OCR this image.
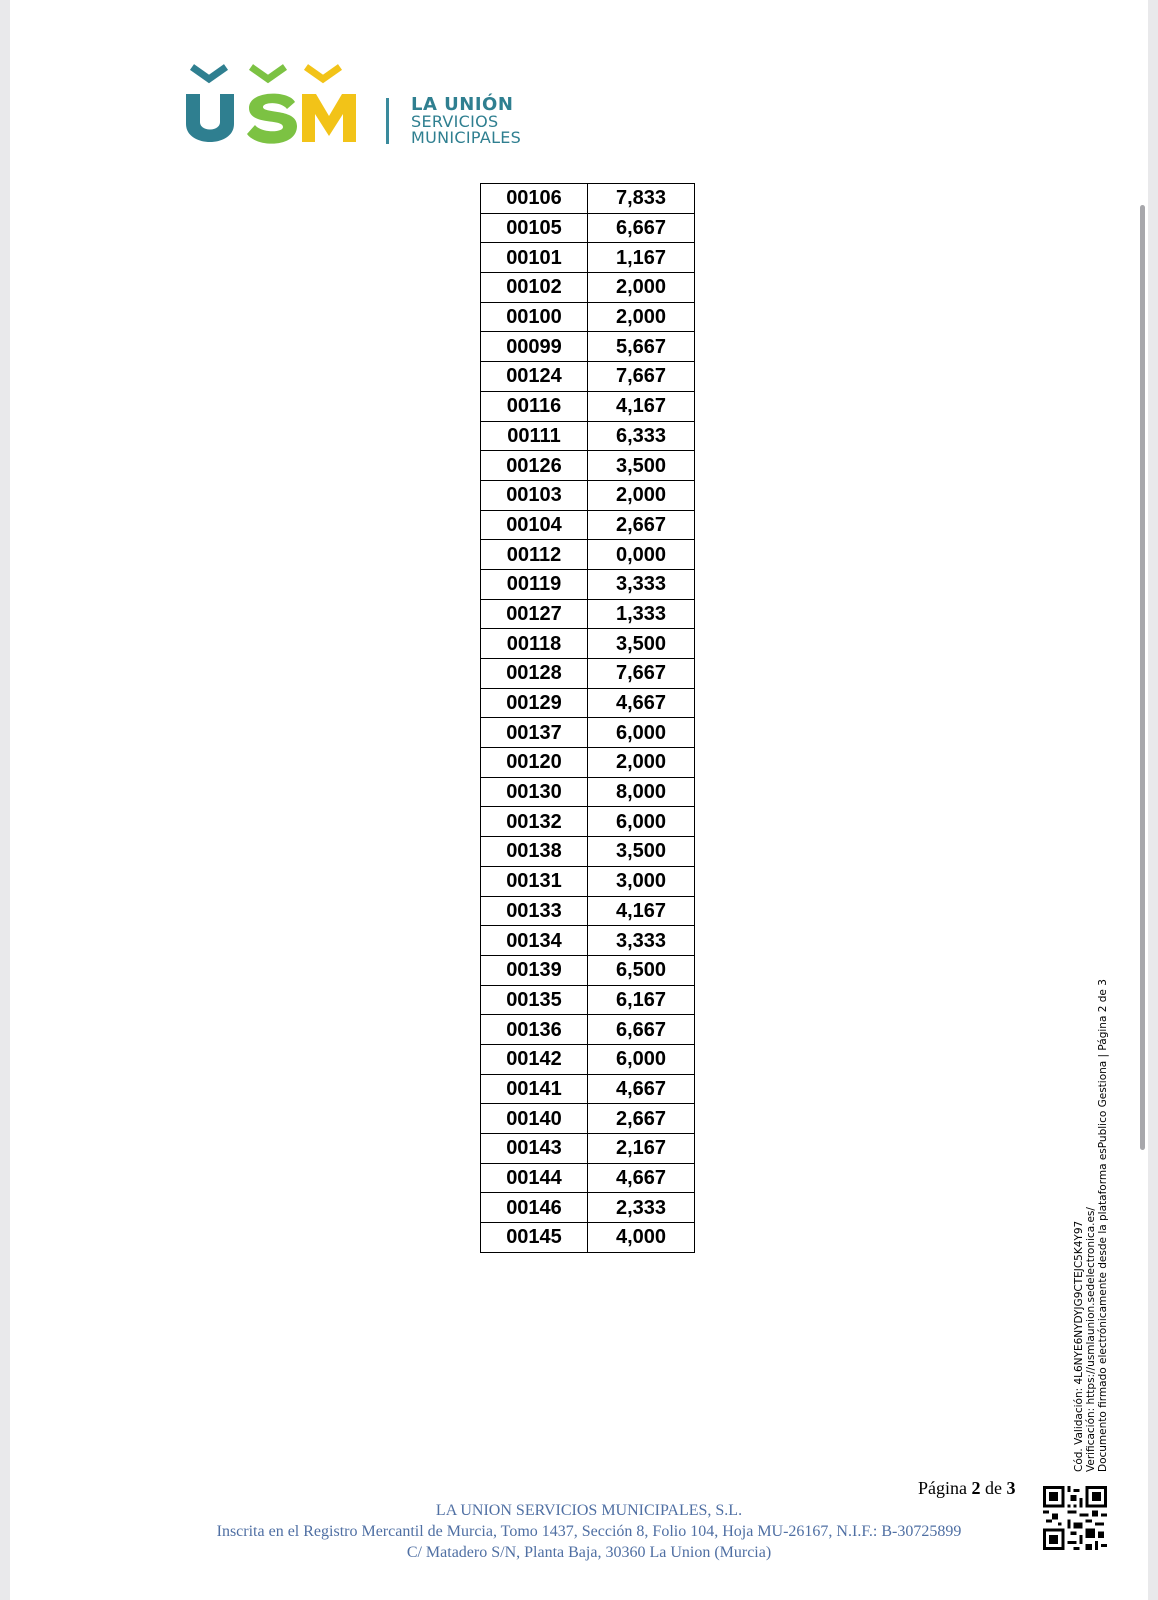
LA UNIÓN
SERVICIOS
MUNICIPALES
00106	7,833
00105	6,667
00101	1,167
00102	2,000
00100	2,000
00099	5,667
00124	7,667
00116	4,167
00111	6,333
00126	3,500
00103	2,000
00104	2,667
00112	0,000
00119	3,333
00127	1,333
00118	3,500
00128	7,667
00129	4,667
00137	6,000
00120	2,000
00130	8,000
00132	6,000
00138	3,500
00131	3,000
00133	4,167
00134	3,333
00139	6,500
00135	6,167
00136	6,667
00142	6,000
00141	4,667
00140	2,667
00143	2,167
00144	4,667
00146	2,333
00145	4,000	Cód. Validación: 4L6NYE6NYDYJG9CTEJC5K4Y97 Verificación: https://usmlaunion.sedelectronica.es/ Documento firmado electrónicamente desde la plataforma esPublico Gestiona | Página 2 de 3
Página 2 de 3
LA UNION SERVICIOS MUNICIPALES, S.L.
Inscrita en el Registro Mercantil de Murcia, Tomo 1437, Sección 8, Folio 104, Hoja MU-26167, N.I.F.: B-30725899
C/ Matadero S/N, Planta Baja, 30360 La Union (Murcia)
